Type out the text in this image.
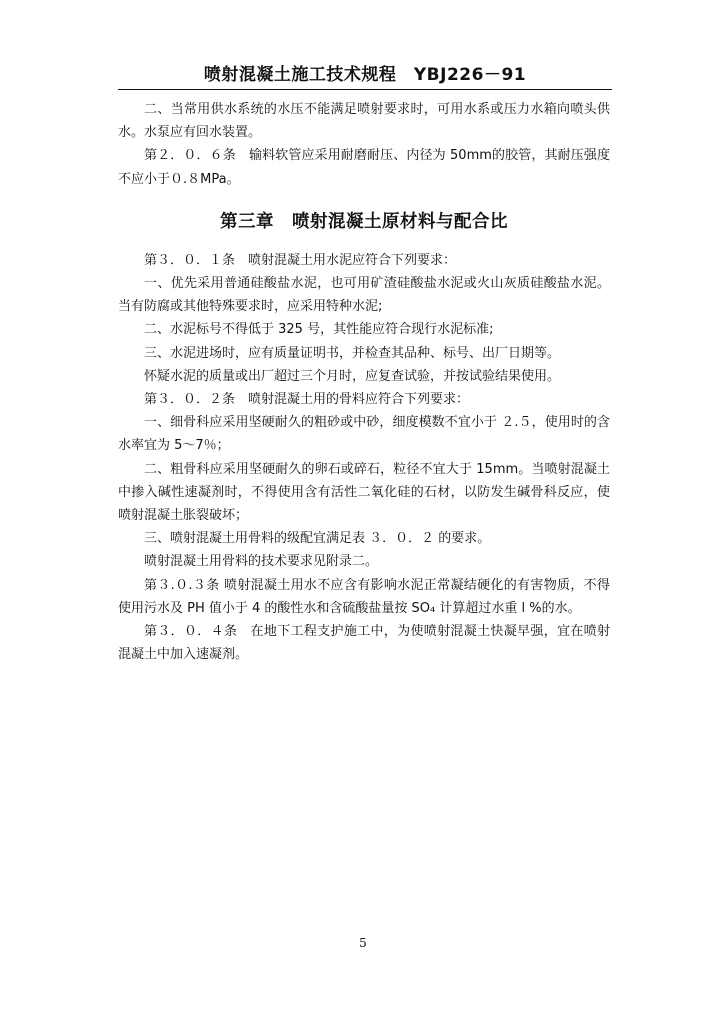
喷射混凝土施工技术规程　YBJ226－91

二、当常用供水系统的水压不能满足喷射要求时，可用水系或压力水箱向喷头供水。水泵应有回水装置。

第２．０．６条　输料软管应采用耐磨耐压、内径为 50mm的胶管，其耐压强度不应小于０.８MPa。

第三章　喷射混凝土原材料与配合比

第３．０．１条　喷射混凝土用水泥应符合下列要求：

一、优先采用普通硅酸盐水泥，也可用矿渣硅酸盐水泥或火山灰质硅酸盐水泥。当有防腐或其他特殊要求时，应采用特种水泥;

二、水泥标号不得低于 325 号，其性能应符合现行水泥标准;

三、水泥进场时，应有质量证明书，并检查其品种、标号、出厂日期等。

怀疑水泥的质量或出厂超过三个月时，应复查试验，并按试验结果使用。

第３．０．２条　喷射混凝土用的骨料应符合下列要求：

一、细骨科应采用坚硬耐久的粗砂或中砂，细度模数不宜小于 ２.５，使用时的含水率宜为 5～7％；

二、粗骨科应采用坚硬耐久的卵石或碎石，粒径不宜大于 15mm。当喷射混凝土中掺入碱性速凝剂时，不得使用含有活性二氧化硅的石材，以防发生碱骨科反应，使喷射混凝土胀裂破坏；

三、喷射混凝土用骨料的级配宜满足表 ３．０．２ 的要求。

喷射混凝土用骨料的技术要求见附录二。

第３.０.３条 喷射混凝土用水不应含有影响水泥正常凝结硬化的有害物质，不得使用污水及 PH 值小于 4 的酸性水和含硫酸盐量按 SO₄ 计算超过水重 l %的水。

第３．０．４条　在地下工程支护施工中，为使喷射混凝土快凝早强，宜在喷射混凝土中加入速凝剂。

5
